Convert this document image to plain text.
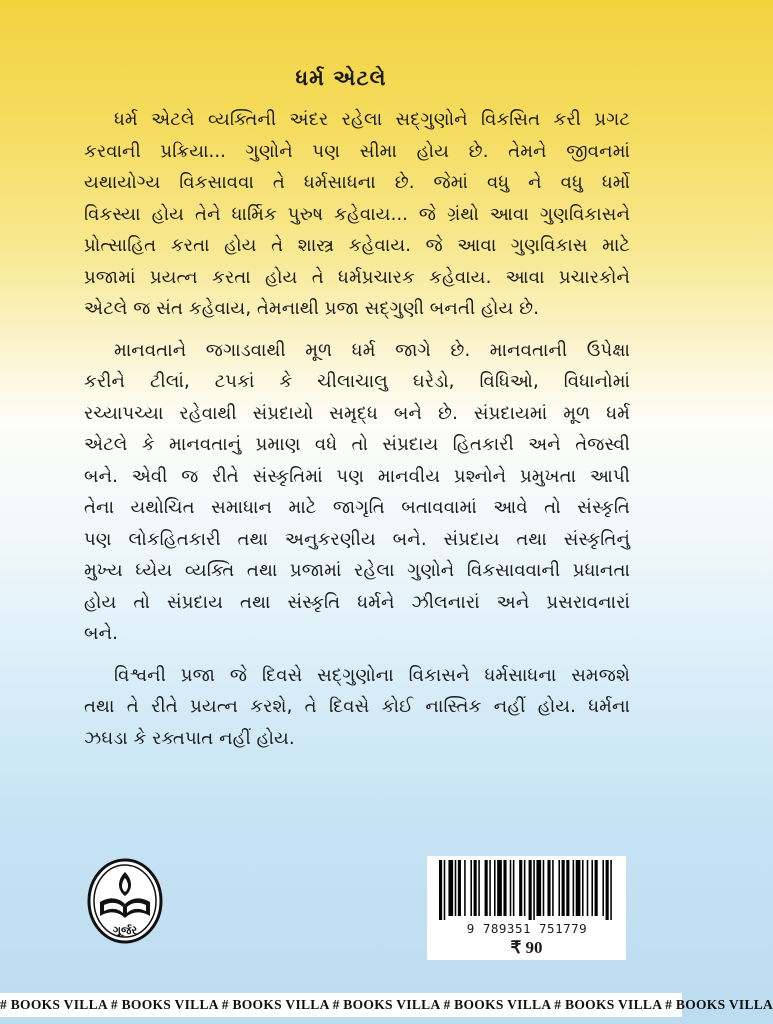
ધર્મ એટલે
ધર્મ એટલે વ્યક્તિની અંદર રહેલા સદ્ગુણોને વિકસિત કરી પ્રગટ
કરવાની પ્રક્રિયા... ગુણોને પણ સીમા હોય છે. તેમને જીવનમાં
યથાયોગ્ય વિકસાવવા તે ધર્મસાધના છે. જેમાં વધુ ને વધુ ધર્મો
વિકસ્યા હોય તેને ધાર્મિક પુરુષ કહેવાય... જે ગ્રંથો આવા ગુણવિકાસને
પ્રોત્સાહિત કરતા હોય તે શાસ્ત્ર કહેવાય. જે આવા ગુણવિકાસ માટે
પ્રજામાં પ્રયત્ન કરતા હોય તે ધર્મપ્રચારક કહેવાય. આવા પ્રચારકોને
એટલે જ સંત કહેવાય, તેમનાથી પ્રજા સદ્ગુણી બનતી હોય છે.
માનવતાને જગાડવાથી મૂળ ધર્મ જાગે છે. માનવતાની ઉપેક્ષા
કરીને ટીલાં, ટપકાં કે ચીલાચાલુ ઘરેડો, વિધિઓ, વિધાનોમાં
રચ્યાપચ્યા રહેવાથી સંપ્રદાયો સમૃદ્ધ બને છે. સંપ્રદાયમાં મૂળ ધર્મ
એટલે કે માનવતાનું પ્રમાણ વધે તો સંપ્રદાય હિતકારી અને તેજસ્વી
બને. એવી જ રીતે સંસ્કૃતિમાં પણ માનવીય પ્રશ્નોને પ્રમુખતા આપી
તેના યથોચિત સમાધાન માટે જાગૃતિ બતાવવામાં આવે તો સંસ્કૃતિ
પણ લોકહિતકારી તથા અનુકરણીય બને. સંપ્રદાય તથા સંસ્કૃતિનું
મુખ્ય ધ્યેય વ્યક્તિ તથા પ્રજામાં રહેલા ગુણોને વિકસાવવાની પ્રધાનતા
હોય તો સંપ્રદાય તથા સંસ્કૃતિ ધર્મને ઝીલનારાં અને પ્રસરાવનારાં
બને.
વિશ્વની પ્રજા જે દિવસે સદ્ગુણોના વિકાસને ધર્મસાધના સમજશે
તથા તે રીતે પ્રયત્ન કરશે, તે દિવસે કોઈ નાસ્તિક નહીં હોય. ધર્મના
ઝઘડા કે રક્તપાત નહીં હોય.
ગૂર્જર	9 789351 751779
₹ 90
# BOOKS VILLA # BOOKS VILLA # BOOKS VILLA # BOOKS VILLA # BOOKS VILLA # BOOKS VILLA # BOOKS VILLA
